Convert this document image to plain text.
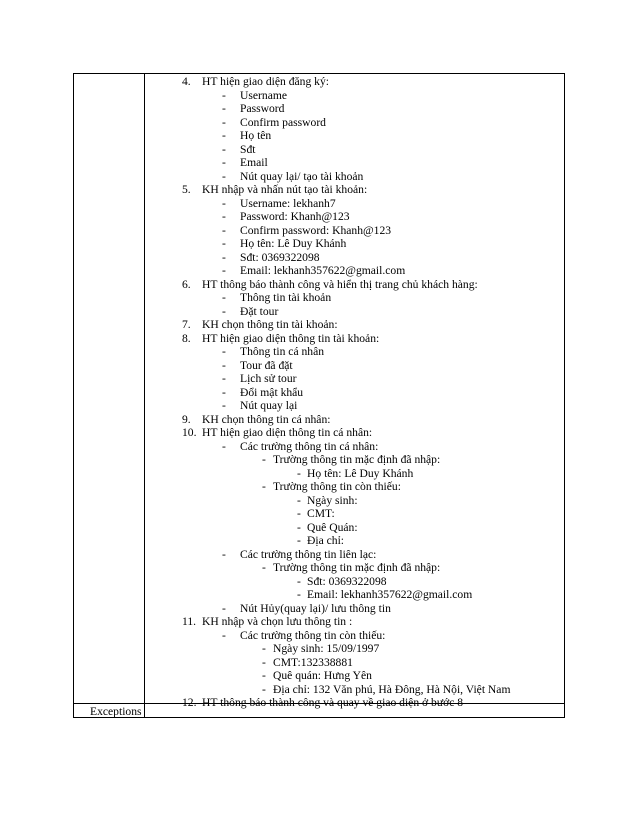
4. HT hiện giao diện đăng ký:
- Username
- Password
- Confirm password
- Họ tên
- Sđt
- Email
- Nút quay lại/ tạo tài khoản
5. KH nhập và nhấn nút tạo tài khoản:
- Username: lekhanh7
- Password: Khanh@123
- Confirm password: Khanh@123
- Họ tên: Lê Duy Khánh
- Sđt: 0369322098
- Email: lekhanh357622@gmail.com
6. HT thông báo thành công và hiển thị trang chủ khách hàng:
- Thông tin tài khoản
- Đặt tour
7. KH chọn thông tin tài khoản:
8. HT hiện giao diện thông tin tài khoản:
- Thông tin cá nhân
- Tour đã đặt
- Lịch sử tour
- Đổi mật khẩu
- Nút quay lại
9. KH chọn thông tin cá nhân:
10. HT hiện giao diện thông tin cá nhân:
- Các trường thông tin cá nhân:
- Trường thông tin mặc định đã nhập:
- Họ tên: Lê Duy Khánh
- Trường thông tin còn thiếu:
- Ngày sinh:
- CMT:
- Quê Quán:
- Địa chỉ:
- Các trường thông tin liên lạc:
- Trường thông tin mặc định đã nhập:
- Sđt: 0369322098
- Email: lekhanh357622@gmail.com
- Nút Hủy(quay lại)/ lưu thông tin
11. KH nhập và chọn lưu thông tin :
- Các trường thông tin còn thiếu:
- Ngày sinh: 15/09/1997
- CMT:132338881
- Quê quán: Hưng Yên
- Địa chỉ: 132 Văn phú, Hà Đông, Hà Nội, Việt Nam
12. HT thông báo thành công và quay về giao diện ở bước 8
Exceptions
